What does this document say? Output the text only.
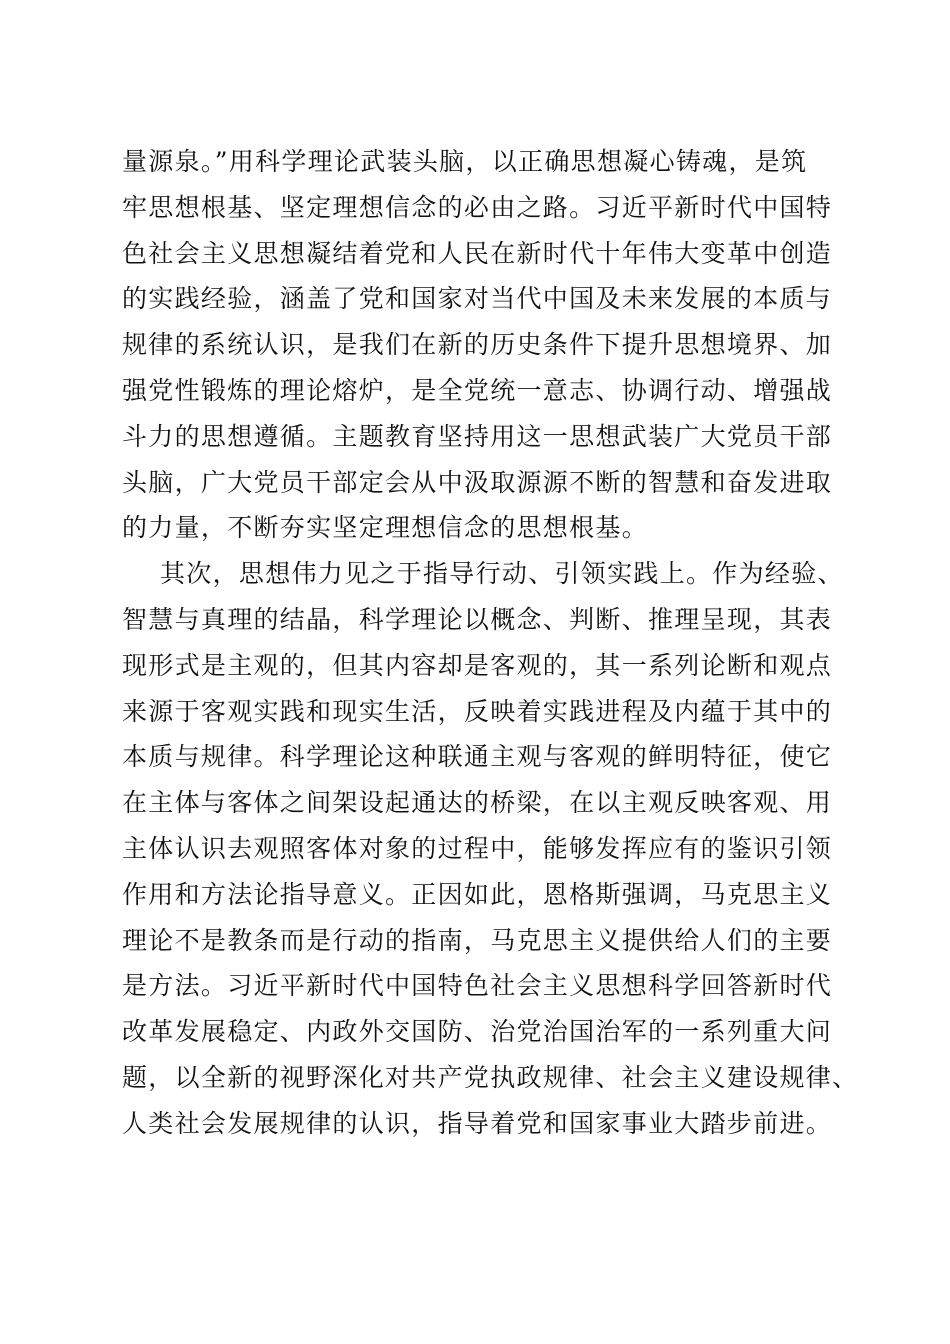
量源泉。”用科学理论武装头脑，以正确思想凝心铸魂，是筑
牢思想根基、坚定理想信念的必由之路。习近平新时代中国特
色社会主义思想凝结着党和人民在新时代十年伟大变革中创造
的实践经验，涵盖了党和国家对当代中国及未来发展的本质与
规律的系统认识，是我们在新的历史条件下提升思想境界、加
强党性锻炼的理论熔炉，是全党统一意志、协调行动、增强战
斗力的思想遵循。主题教育坚持用这一思想武装广大党员干部
头脑，广大党员干部定会从中汲取源源不断的智慧和奋发进取
的力量，不断夯实坚定理想信念的思想根基。
其次，思想伟力见之于指导行动、引领实践上。作为经验、
智慧与真理的结晶，科学理论以概念、判断、推理呈现，其表
现形式是主观的，但其内容却是客观的，其一系列论断和观点
来源于客观实践和现实生活，反映着实践进程及内蕴于其中的
本质与规律。科学理论这种联通主观与客观的鲜明特征，使它
在主体与客体之间架设起通达的桥梁，在以主观反映客观、用
主体认识去观照客体对象的过程中，能够发挥应有的鉴识引领
作用和方法论指导意义。正因如此，恩格斯强调，马克思主义
理论不是教条而是行动的指南，马克思主义提供给人们的主要
是方法。习近平新时代中国特色社会主义思想科学回答新时代
改革发展稳定、内政外交国防、治党治国治军的一系列重大问
题，以全新的视野深化对共产党执政规律、社会主义建设规律、
人类社会发展规律的认识，指导着党和国家事业大踏步前进。
